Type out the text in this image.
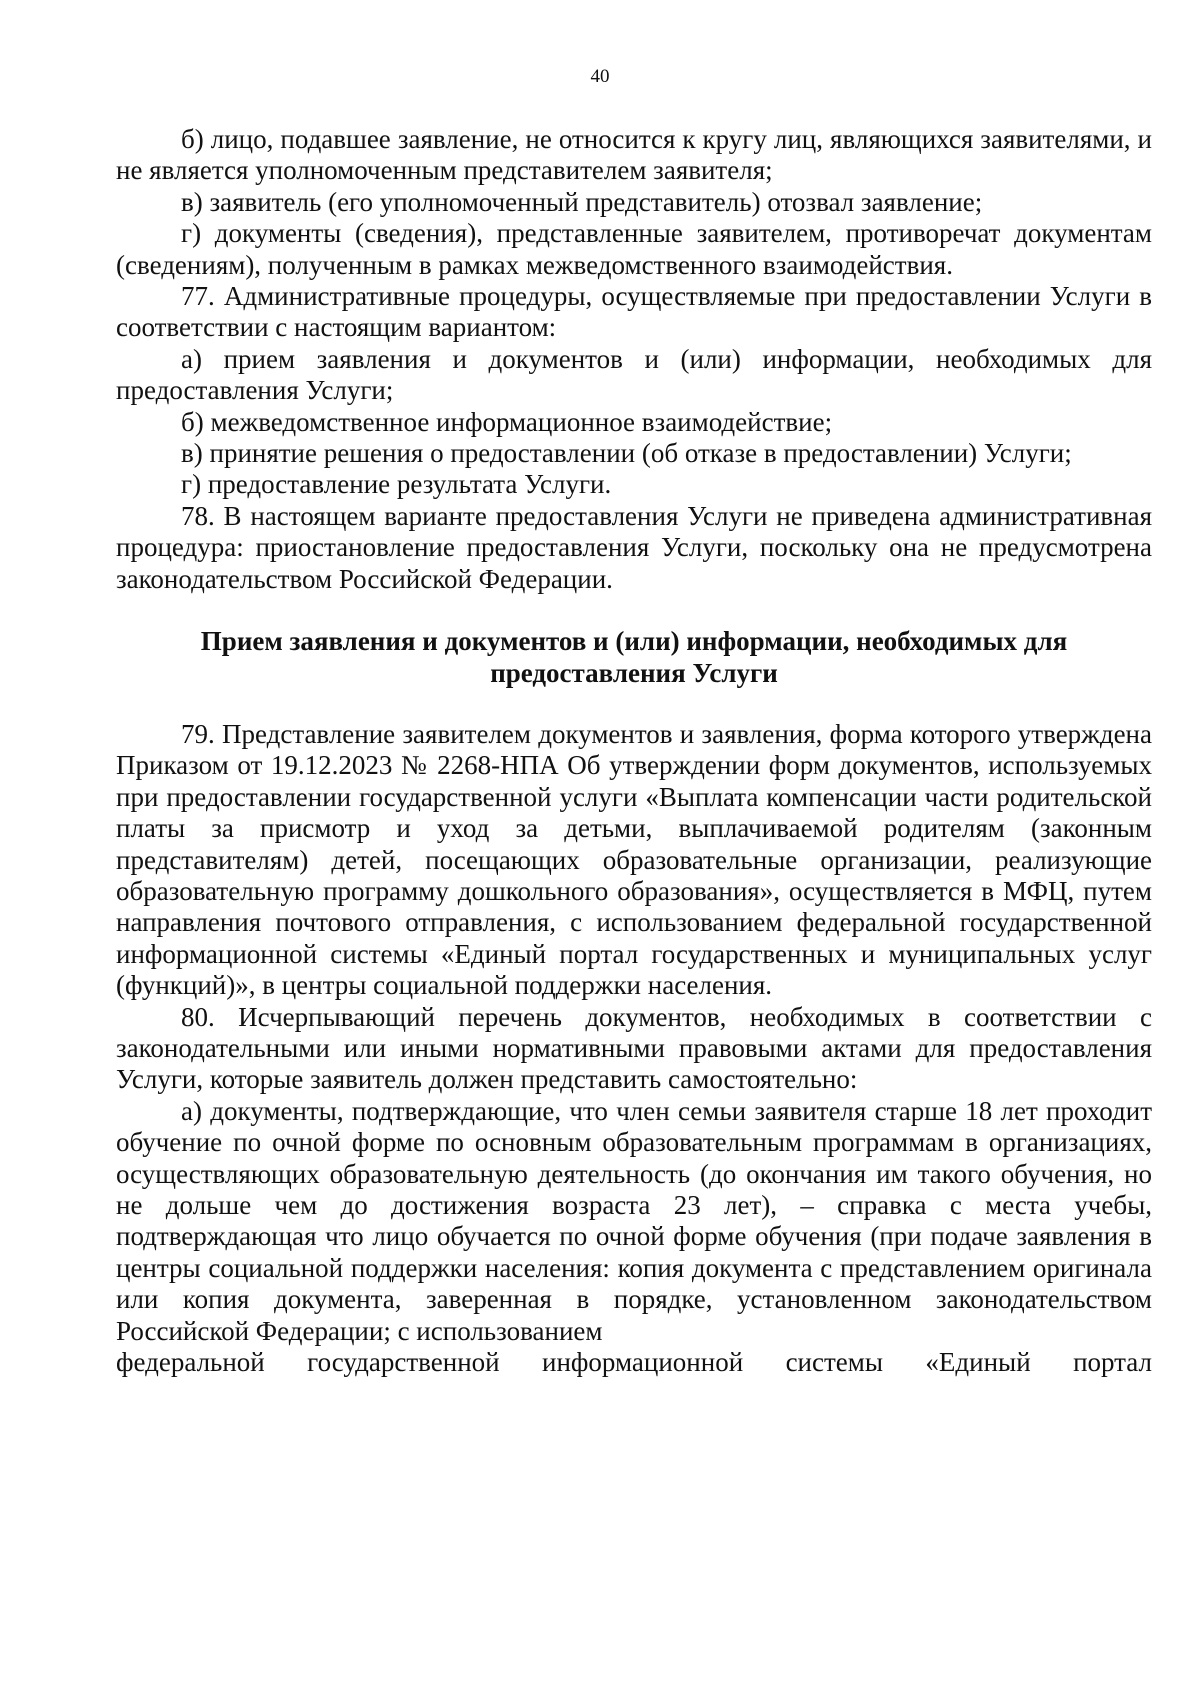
40

б) лицо, подавшее заявление, не относится к кругу лиц, являющихся заявителями, и не является уполномоченным представителем заявителя;

в) заявитель (его уполномоченный представитель) отозвал заявление;

г) документы (сведения), представленные заявителем, противоречат документам (сведениям), полученным в рамках межведомственного взаимодействия.

77. Административные процедуры, осуществляемые при предоставлении Услуги в соответствии с настоящим вариантом:

а) прием заявления и документов и (или) информации, необходимых для предоставления Услуги;

б) межведомственное информационное взаимодействие;

в) принятие решения о предоставлении (об отказе в предоставлении) Услуги;

г) предоставление результата Услуги.

78. В настоящем варианте предоставления Услуги не приведена административная процедура: приостановление предоставления Услуги, поскольку она не предусмотрена законодательством Российской Федерации.

Прием заявления и документов и (или) информации, необходимых для предоставления Услуги

79. Представление заявителем документов и заявления, форма которого утверждена Приказом от 19.12.2023 № 2268-НПА Об утверждении форм документов, используемых при предоставлении государственной услуги «Выплата компенсации части родительской платы за присмотр и уход за детьми, выплачиваемой родителям (законным представителям) детей, посещающих образовательные организации, реализующие образовательную программу дошкольного образования», осуществляется в МФЦ, путем направления почтового отправления, с использованием федеральной государственной информационной системы «Единый портал государственных и муниципальных услуг (функций)», в центры социальной поддержки населения.

80. Исчерпывающий перечень документов, необходимых в соответствии с законодательными или иными нормативными правовыми актами для предоставления Услуги, которые заявитель должен представить самостоятельно:

а) документы, подтверждающие, что член семьи заявителя старше 18 лет проходит обучение по очной форме по основным образовательным программам в организациях, осуществляющих образовательную деятельность (до окончания им такого обучения, но не дольше чем до достижения возраста 23 лет), – справка с места учебы, подтверждающая что лицо обучается по очной форме обучения (при подаче заявления в центры социальной поддержки населения: копия документа с представлением оригинала или копия документа, заверенная в порядке, установленном законодательством Российской Федерации; с использованием

федеральной государственной информационной системы «Единый портал
